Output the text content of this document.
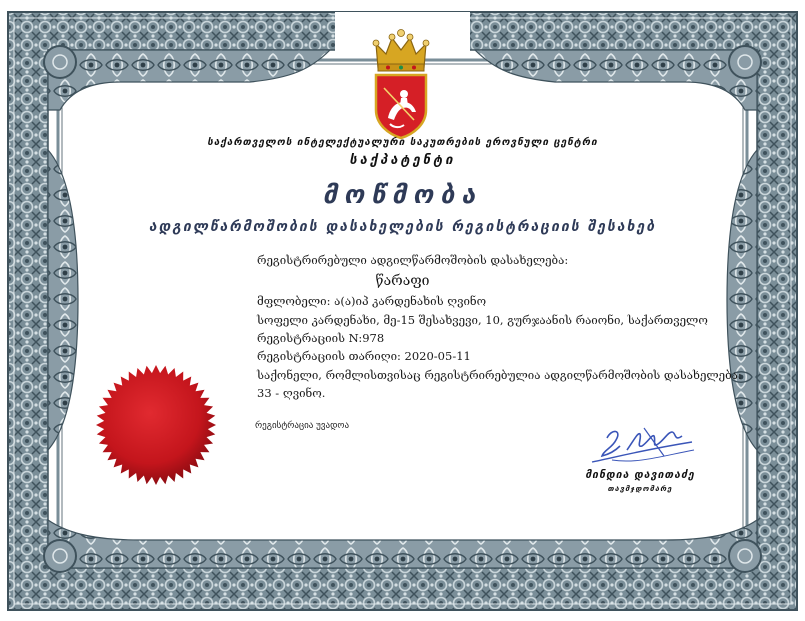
საქართველოს ინტელექტუალური საკუთრების ეროვნული ცენტრი
საქპატენტი
მოწმობა
ადგილწარმოშობის დასახელების რეგისტრაციის შესახებ
რეგისტრირებული ადგილწარმოშობის დასახელება:
წარაფი
მფლობელი: ა(ა)იპ კარდენახის ღვინო
სოფელი კარდენახი, მე-15 შესახვევი, 10, გურჯაანის რაიონი, საქართველო
რეგისტრაციის N:978
რეგისტრაციის თარიღი: 2020-05-11
საქონელი, რომლისთვისაც რეგისტრირებულია ადგილწარმოშობის დასახელება:
33 - ღვინო.
რეგისტრაცია უვადოა
მინდია დავითაძე
თავმჯდომარე
